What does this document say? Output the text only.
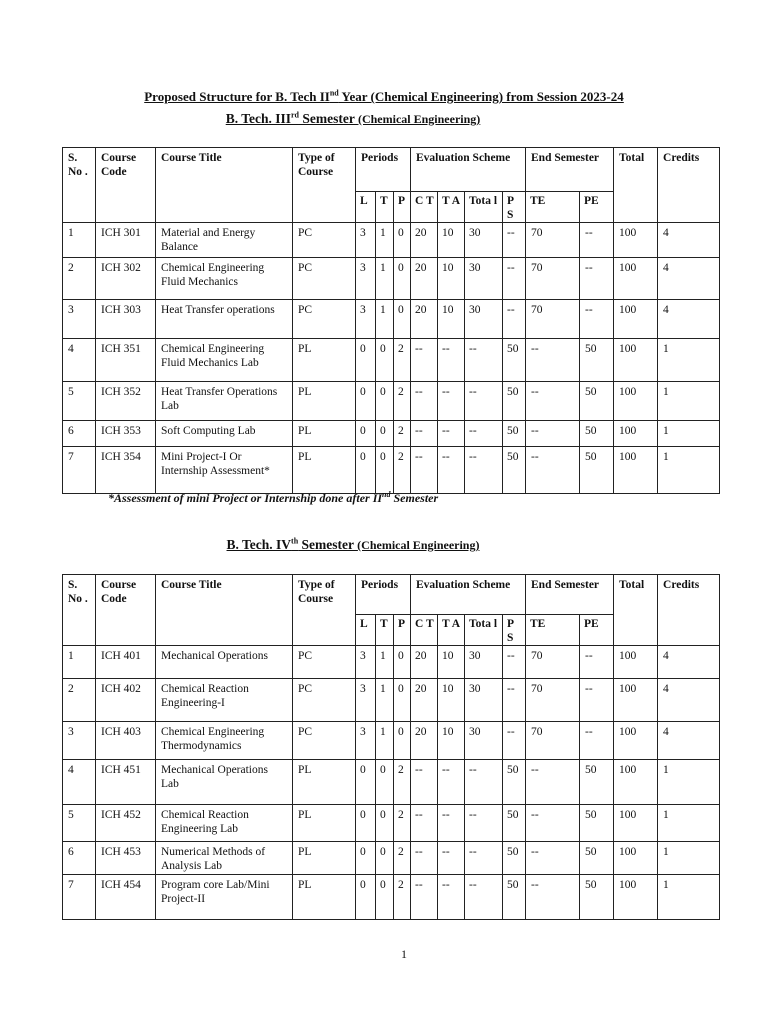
Proposed Structure for B. Tech IInd Year (Chemical Engineering) from Session 2023-24
B. Tech. IIIrd Semester (Chemical Engineering)
S. No .	Course Code	Course Title	Type of Course	Periods			Evaluation Scheme				End Semester		Total	Credits
				L	T	P	C T	T A	Tota l	P S	TE	PE		
1	ICH 301	Material and Energy Balance	PC	3	1	0	20	10	30	--	70	--	100	4
2	ICH 302	Chemical Engineering Fluid Mechanics	PC	3	1	0	20	10	30	--	70	--	100	4
3	ICH 303	Heat Transfer operations	PC	3	1	0	20	10	30	--	70	--	100	4
4	ICH 351	Chemical Engineering Fluid Mechanics Lab	PL	0	0	2	--	--	--	50	--	50	100	1
5	ICH 352	Heat Transfer Operations Lab	PL	0	0	2	--	--	--	50	--	50	100	1
6	ICH 353	Soft Computing Lab	PL	0	0	2	--	--	--	50	--	50	100	1
7	ICH 354	Mini Project-I Or Internship Assessment*	PL	0	0	2	--	--	--	50	--	50	100	1
*Assessment of mini Project or Internship done after IInd Semester
B. Tech. IVth Semester (Chemical Engineering)
S. No .	Course Code	Course Title	Type of Course	Periods			Evaluation Scheme				End Semester		Total	Credits
				L	T	P	C T	T A	Tota l	P S	TE	PE		
1	ICH 401	Mechanical Operations	PC	3	1	0	20	10	30	--	70	--	100	4
2	ICH 402	Chemical Reaction Engineering-I	PC	3	1	0	20	10	30	--	70	--	100	4
3	ICH 403	Chemical Engineering Thermodynamics	PC	3	1	0	20	10	30	--	70	--	100	4
4	ICH 451	Mechanical Operations Lab	PL	0	0	2	--	--	--	50	--	50	100	1
5	ICH 452	Chemical Reaction Engineering Lab	PL	0	0	2	--	--	--	50	--	50	100	1
6	ICH 453	Numerical Methods of Analysis Lab	PL	0	0	2	--	--	--	50	--	50	100	1
7	ICH 454	Program core Lab/Mini Project-II	PL	0	0	2	--	--	--	50	--	50	100	1
1
